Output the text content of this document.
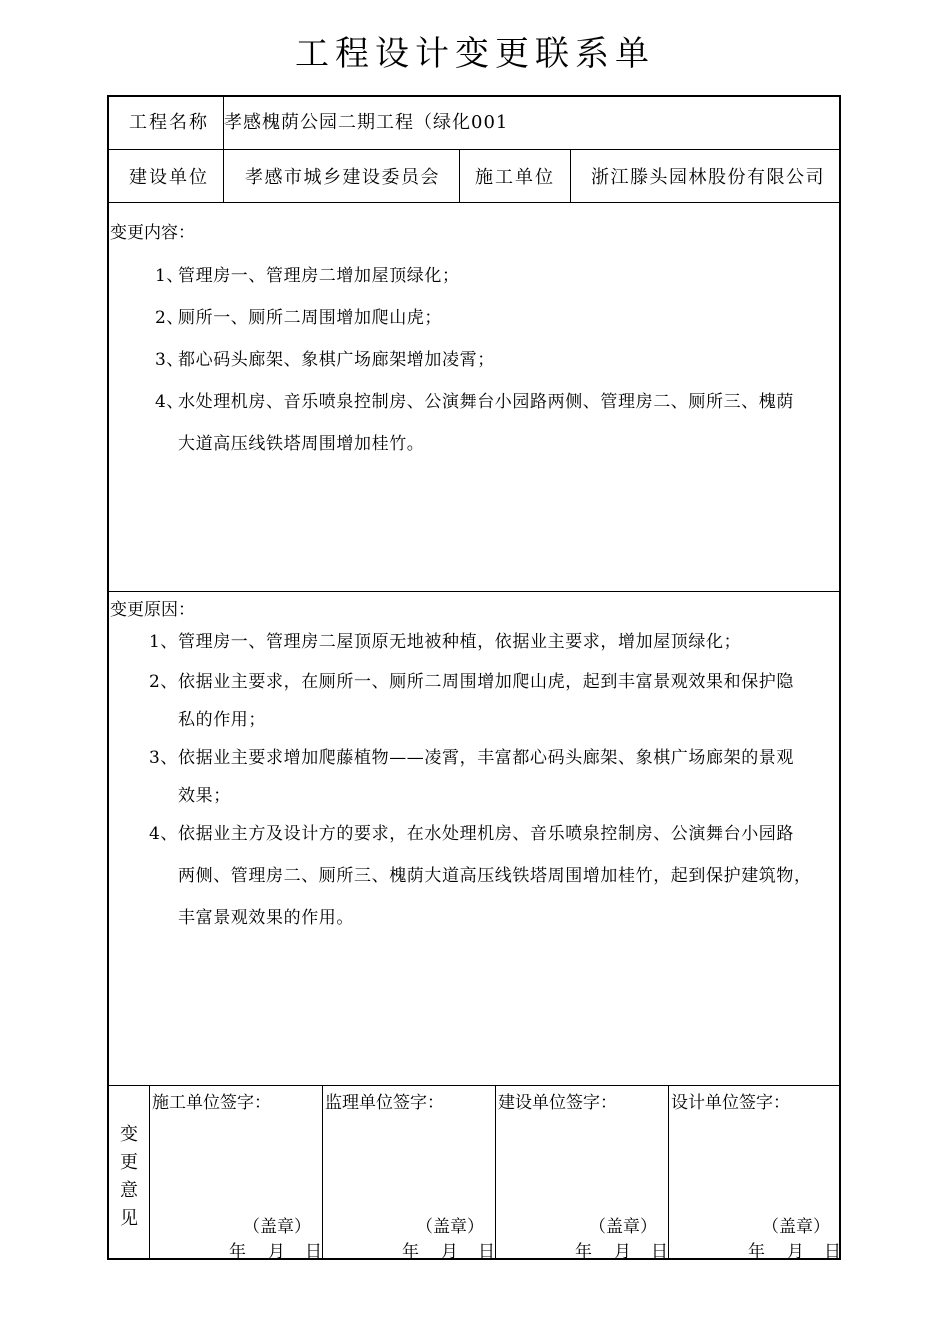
工程设计变更联系单
工程名称 孝感槐荫公园二期工程（绿化001
建设单位 孝感市城乡建设委员会 施工单位 浙江滕头园林股份有限公司
变更内容：
1、
管理房一、管理房二增加屋顶绿化；
2、
厕所一、厕所二周围增加爬山虎；
3、
都心码头廊架、象棋广场廊架增加凌霄；
4、
水处理机房、音乐喷泉控制房、公演舞台小园路两侧、管理房二、厕所三、槐荫
大道高压线铁塔周围增加桂竹。
变更原因：
1、 管理房一、管理房二屋顶原无地被种植，依据业主要求，增加屋顶绿化；
2、 依据业主要求，在厕所一、厕所二周围增加爬山虎，起到丰富景观效果和保护隐
私的作用；
3、 依据业主要求增加爬藤植物——凌霄，丰富都心码头廊架、象棋广场廊架的景观
效果；
4、 依据业主方及设计方的要求，在水处理机房、音乐喷泉控制房、公演舞台小园路
两侧、管理房二、厕所三、槐荫大道高压线铁塔周围增加桂竹，起到保护建筑物，
丰富景观效果的作用。
变
更
意
见
施工单位签字：
（盖章）
年 月 日
监理单位签字：
（盖章）
年 月 日
建设单位签字：
（盖章）
年 月 日
设计单位签字：
（盖章）
年 月 日
